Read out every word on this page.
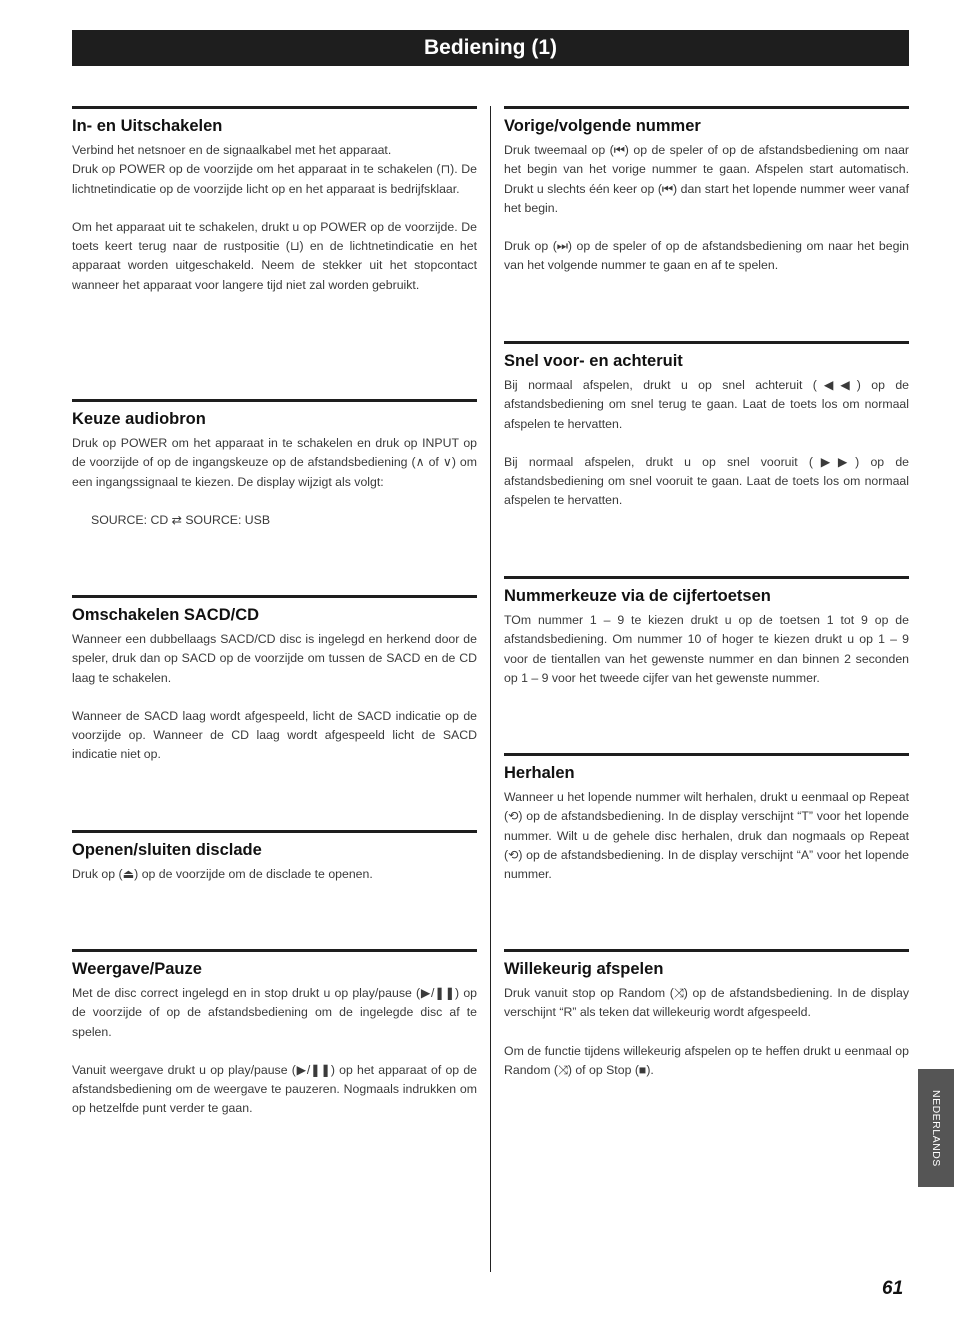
Bediening (1)
In- en Uitschakelen

Verbind het netsnoer en de signaalkabel met het apparaat.

Druk op POWER op de voorzijde om het apparaat in te schakelen (⊓). De lichtnetindicatie op de voorzijde licht op en het apparaat is bedrijfsklaar.

Om het apparaat uit te schakelen, drukt u op POWER op de voorzijde. De toets keert terug naar de rustpositie (⊔) en de lichtnetindicatie en het apparaat worden uitgeschakeld. Neem de stekker uit het stopcontact wanneer het apparaat voor langere tijd niet zal worden gebruikt.

Keuze audiobron

Druk op POWER om het apparaat in te schakelen en druk op INPUT op de voorzijde of op de ingangskeuze op de afstandsbediening (∧ of ∨) om een ingangssignaal te kiezen. De display wijzigt als volgt:

SOURCE: CD ⇄ SOURCE: USB

Omschakelen SACD/CD

Wanneer een dubbellaags SACD/CD disc is ingelegd en herkend door de speler, druk dan op SACD op de voorzijde om tussen de SACD en de CD laag te schakelen.

Wanneer de SACD laag wordt afgespeeld, licht de SACD indicatie op de voorzijde op. Wanneer de CD laag wordt afgespeeld licht de SACD indicatie niet op.

Openen/sluiten disclade

Druk op (⏏) op de voorzijde om de disclade te openen.

Weergave/Pauze

Met de disc correct ingelegd en in stop drukt u op play/pause (▶/❚❚) op de voorzijde of op de afstandsbediening om de ingelegde disc af te spelen.

Vanuit weergave drukt u op play/pause (▶/❚❚) op het apparaat of op de afstandsbediening om de weergave te pauzeren. Nogmaals indrukken om op hetzelfde punt verder te gaan.

Vorige/volgende nummer

Druk tweemaal op (⏮) op de speler of op de afstandsbediening om naar het begin van het vorige nummer te gaan. Afspelen start automatisch. Drukt u slechts één keer op (⏮) dan start het lopende nummer weer vanaf het begin.

Druk op (⏭) op de speler of op de afstandsbediening om naar het begin van het volgende nummer te gaan en af te spelen.

Snel voor- en achteruit

Bij normaal afspelen, drukt u op snel achteruit (◀◀) op de afstandsbediening om snel terug te gaan. Laat de toets los om normaal afspelen te hervatten.

Bij normaal afspelen, drukt u op snel vooruit (▶▶) op de afstandsbediening om snel vooruit te gaan. Laat de toets los om normaal afspelen te hervatten.

Nummerkeuze via de cijfertoetsen

TOm nummer 1 – 9 te kiezen drukt u op de toetsen 1 tot 9 op de afstandsbediening. Om nummer 10 of hoger te kiezen drukt u op 1 – 9 voor de tientallen van het gewenste nummer en dan binnen 2 seconden op 1 – 9 voor het tweede cijfer van het gewenste nummer.

Herhalen

Wanneer u het lopende nummer wilt herhalen, drukt u eenmaal op Repeat (⟲) op de afstandsbediening. In de display verschijnt “T” voor het lopende nummer. Wilt u de gehele disc herhalen, druk dan nogmaals op Repeat (⟲) op de afstandsbediening. In de display verschijnt “A” voor het lopende nummer.

Willekeurig afspelen

Druk vanuit stop op Random (⤨) op de afstandsbediening. In de display verschijnt “R” als teken dat willekeurig wordt afgespeeld.

Om de functie tijdens willekeurig afspelen op te heffen drukt u eenmaal op Random (⤨) of op Stop (■).

NEDERLANDS
61
